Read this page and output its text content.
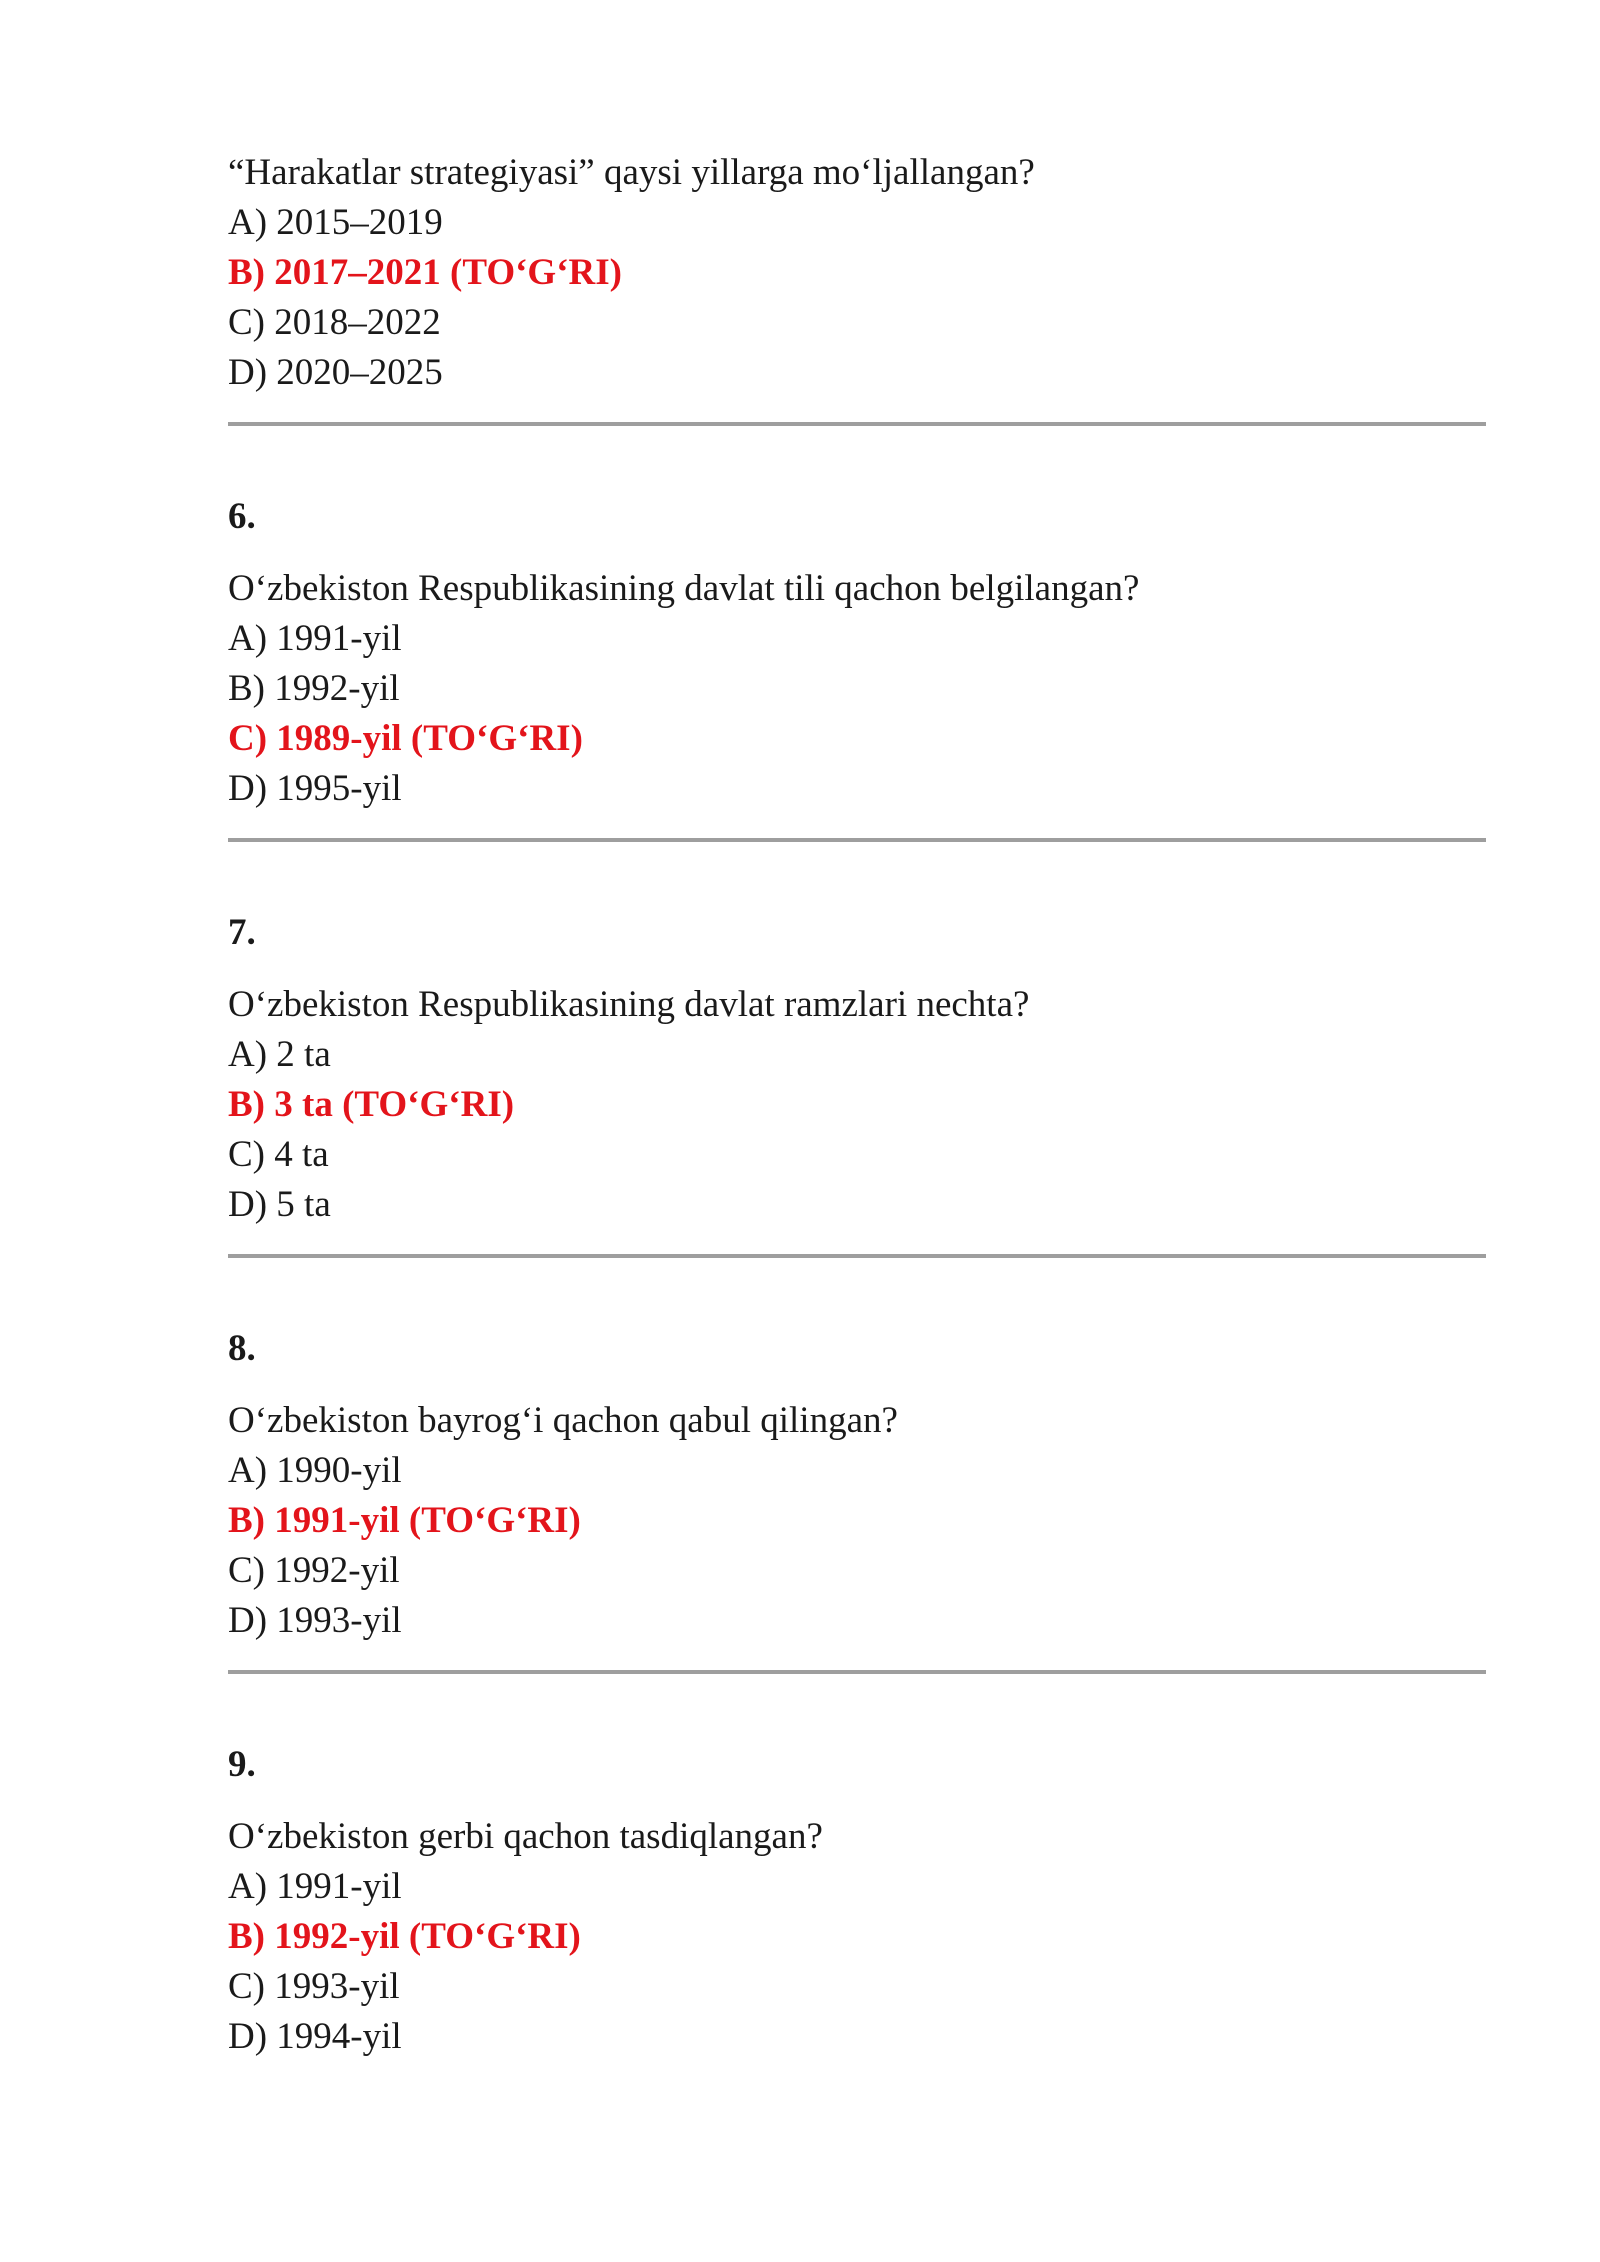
“Harakatlar strategiyasi” qaysi yillarga mo‘ljallangan?

A) 2015–2019

B) 2017–2021 (TO‘G‘RI)

C) 2018–2022

D) 2020–2025

6.

O‘zbekiston Respublikasining davlat tili qachon belgilangan?

A) 1991-yil

B) 1992-yil

C) 1989-yil (TO‘G‘RI)

D) 1995-yil

7.

O‘zbekiston Respublikasining davlat ramzlari nechta?

A) 2 ta

B) 3 ta (TO‘G‘RI)

C) 4 ta

D) 5 ta

8.

O‘zbekiston bayrog‘i qachon qabul qilingan?

A) 1990-yil

B) 1991-yil (TO‘G‘RI)

C) 1992-yil

D) 1993-yil

9.

O‘zbekiston gerbi qachon tasdiqlangan?

A) 1991-yil

B) 1992-yil (TO‘G‘RI)

C) 1993-yil

D) 1994-yil
